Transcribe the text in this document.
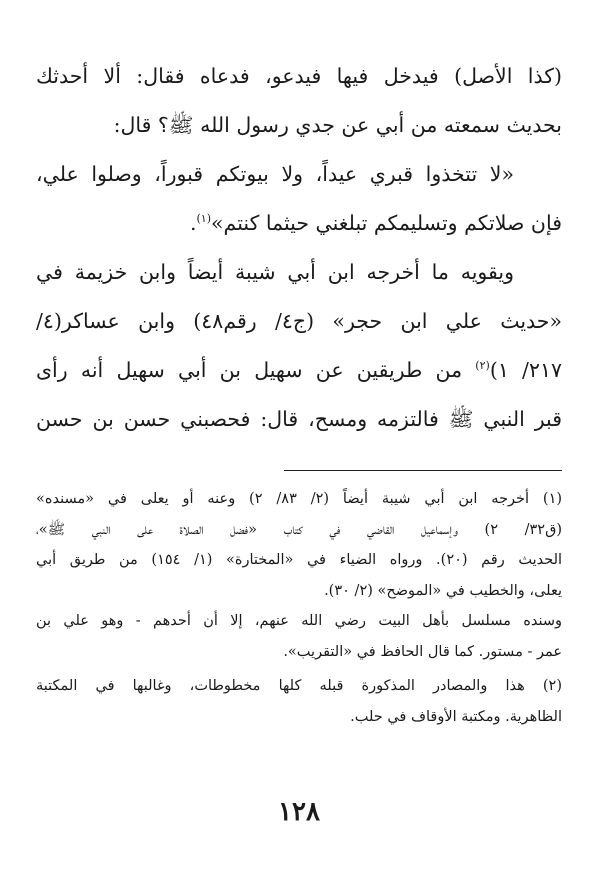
(كذا الأصل) فيدخل فيها فيدعو، فدعاه فقال: ألا أحدثك
بحديث سمعته من أبي عن جدي رسول الله ﷺ؟ قال:
«لا تتخذوا قبري عيداً، ولا بيوتكم قبوراً، وصلوا علي،
فإن صلاتكم وتسليمكم تبلغني حيثما كنتم»$^{(١)}$.
ويقويه ما أخرجه ابن أبي شيبة أيضاً وابن خزيمة في
«حديث علي ابن حجر» (ج٤/ رقم٤٨) وابن عساكر(٤/
٢١٧/ ١)$^{(٢)}$ من طريقين عن سهيل بن أبي سهيل أنه رأى
قبر النبي ﷺ فالتزمه ومسح، قال: فحصبني حسن بن حسن
(١) أخرجه ابن أبي شيبة أيضاً (٢/ ٨٣/ ٢) وعنه أو يعلى في «مسنده»
(ق٣٢/ ٢) وإسماعيل القاضي في كتاب «فضل الصلاة على النبي ﷺ»،
الحديث رقم (٢٠). ورواه الضياء في «المختارة» (١/ ١٥٤) من طريق أبي
يعلى، والخطيب في «الموضح» (٢/ ٣٠).
وسنده مسلسل بأهل البيت رضي الله عنهم، إلا أن أحدهم - وهو علي بن
عمر - مستور. كما قال الحافظ في «التقريب».
(٢) هذا والمصادر المذكورة قبله كلها مخطوطات، وغالبها في المكتبة
الظاهرية. ومكتبة الأوقاف في حلب.
١٢٨
